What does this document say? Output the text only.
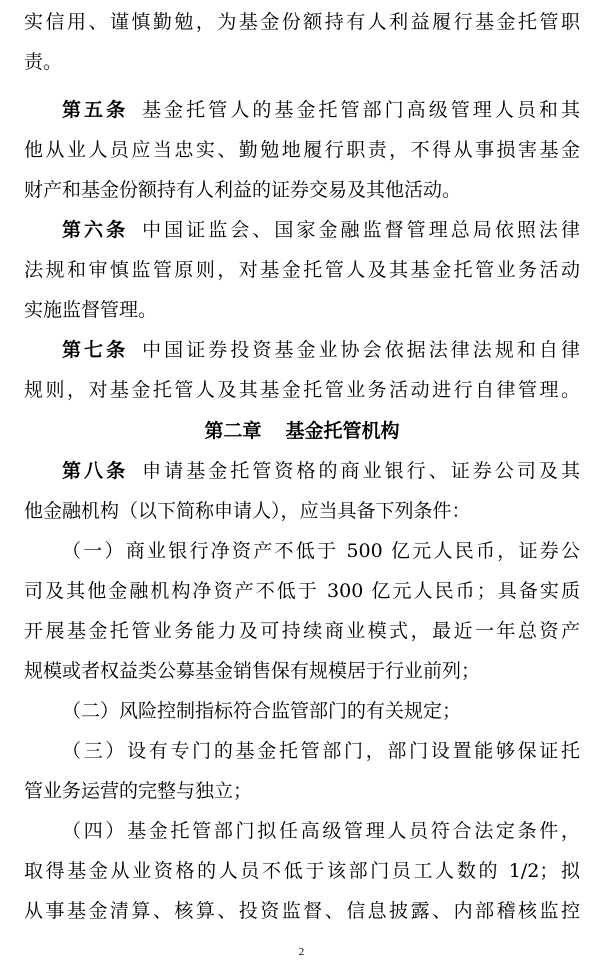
实信用、谨慎勤勉，为基金份额持有人利益履行基金托管职
责。
第五条 基金托管人的基金托管部门高级管理人员和其
他从业人员应当忠实、勤勉地履行职责，不得从事损害基金
财产和基金份额持有人利益的证券交易及其他活动。
第六条 中国证监会、国家金融监督管理总局依照法律
法规和审慎监管原则，对基金托管人及其基金托管业务活动
实施监督管理。
第七条 中国证券投资基金业协会依据法律法规和自律
规则，对基金托管人及其基金托管业务活动进行自律管理。
第二章 基金托管机构
第八条 申请基金托管资格的商业银行、证券公司及其
他金融机构（以下简称申请人），应当具备下列条件：
（一）商业银行净资产不低于 500 亿元人民币，证券公
司及其他金融机构净资产不低于 300 亿元人民币；具备实质
开展基金托管业务能力及可持续商业模式，最近一年总资产
规模或者权益类公募基金销售保有规模居于行业前列；
（二）风险控制指标符合监管部门的有关规定；
（三）设有专门的基金托管部门，部门设置能够保证托
管业务运营的完整与独立；
（四）基金托管部门拟任高级管理人员符合法定条件，
取得基金从业资格的人员不低于该部门员工人数的 1/2；拟
从事基金清算、核算、投资监督、信息披露、内部稽核监控
2
